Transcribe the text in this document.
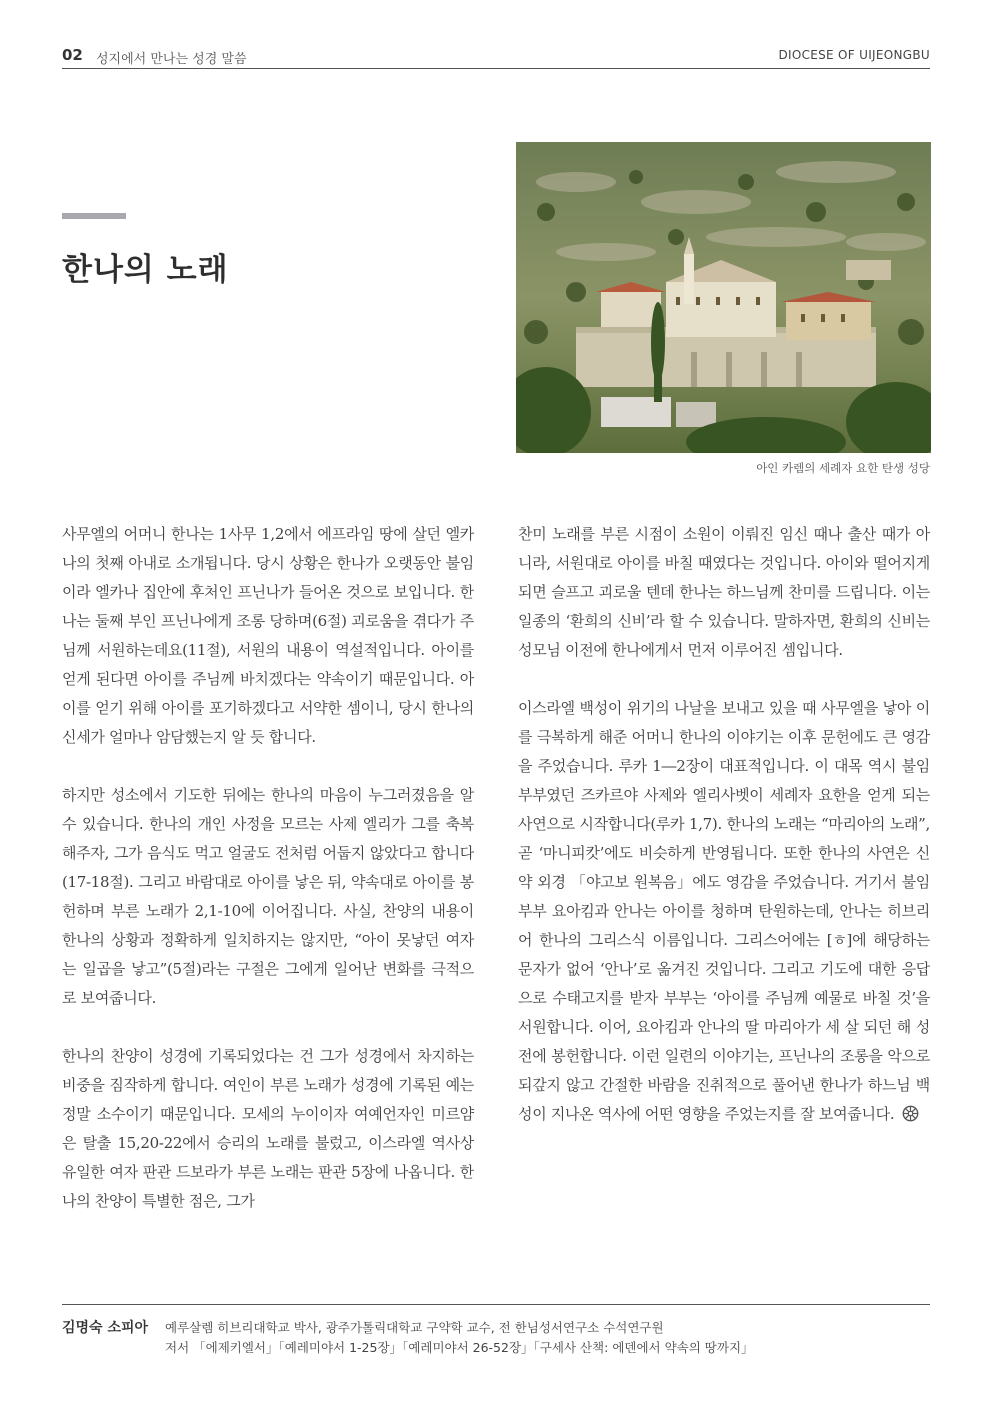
02 성지에서 만나는 성경 말씀	DIOCESE OF UIJEONGBU
한나의 노래
아인 카렘의 세례자 요한 탄생 성당

사무엘의 어머니 한나는 1사무 1,2에서 에프라임 땅에 살던 엘카나의 첫째 아내로 소개됩니다. 당시 상황은 한나가 오랫동안 불임이라 엘카나 집안에 후처인 프닌나가 들어온 것으로 보입니다. 한나는 둘째 부인 프닌나에게 조롱 당하며(6절) 괴로움을 겪다가 주님께 서원하는데요(11절), 서원의 내용이 역설적입니다. 아이를 얻게 된다면 아이를 주님께 바치겠다는 약속이기 때문입니다. 아이를 얻기 위해 아이를 포기하겠다고 서약한 셈이니, 당시 한나의 신세가 얼마나 암담했는지 알 듯 합니다.

하지만 성소에서 기도한 뒤에는 한나의 마음이 누그러졌음을 알 수 있습니다. 한나의 개인 사정을 모르는 사제 엘리가 그를 축복해주자, 그가 음식도 먹고 얼굴도 전처럼 어둡지 않았다고 합니다(17-18절). 그리고 바람대로 아이를 낳은 뒤, 약속대로 아이를 봉헌하며 부른 노래가 2,1-10에 이어집니다. 사실, 찬양의 내용이 한나의 상황과 정확하게 일치하지는 않지만, “아이 못낳던 여자는 일곱을 낳고”(5절)라는 구절은 그에게 일어난 변화를 극적으로 보여줍니다.

한나의 찬양이 성경에 기록되었다는 건 그가 성경에서 차지하는 비중을 짐작하게 합니다. 여인이 부른 노래가 성경에 기록된 예는 정말 소수이기 때문입니다. 모세의 누이이자 여예언자인 미르얌은 탈출 15,20-22에서 승리의 노래를 불렀고, 이스라엘 역사상 유일한 여자 판관 드보라가 부른 노래는 판관 5장에 나옵니다. 한나의 찬양이 특별한 점은, 그가

찬미 노래를 부른 시점이 소원이 이뤄진 임신 때나 출산 때가 아니라, 서원대로 아이를 바칠 때였다는 것입니다. 아이와 떨어지게 되면 슬프고 괴로울 텐데 한나는 하느님께 찬미를 드립니다. 이는 일종의 ‘환희의 신비’라 할 수 있습니다. 말하자면, 환희의 신비는 성모님 이전에 한나에게서 먼저 이루어진 셈입니다.

이스라엘 백성이 위기의 나날을 보내고 있을 때 사무엘을 낳아 이를 극복하게 해준 어머니 한나의 이야기는 이후 문헌에도 큰 영감을 주었습니다. 루카 1―2장이 대표적입니다. 이 대목 역시 불임 부부였던 즈카르야 사제와 엘리사벳이 세례자 요한을 얻게 되는 사연으로 시작합니다(루카 1,7). 한나의 노래는 “마리아의 노래”, 곧 ‘마니피캇’에도 비슷하게 반영됩니다. 또한 한나의 사연은 신약 외경 「야고보 원복음」에도 영감을 주었습니다. 거기서 불임 부부 요아킴과 안나는 아이를 청하며 탄원하는데, 안나는 히브리어 한나의 그리스식 이름입니다. 그리스어에는 [ㅎ]에 해당하는 문자가 없어 ‘안나’로 옮겨진 것입니다. 그리고 기도에 대한 응답으로 수태고지를 받자 부부는 ‘아이를 주님께 예물로 바칠 것’을 서원합니다. 이어, 요아킴과 안나의 딸 마리아가 세 살 되던 해 성전에 봉헌합니다. 이런 일련의 이야기는, 프닌나의 조롱을 악으로 되갚지 않고 간절한 바람을 진취적으로 풀어낸 한나가 하느님 백성이 지나온 역사에 어떤 영향을 주었는지를 잘 보여줍니다.

김명숙 소피아 예루살렘 히브리대학교 박사, 광주가톨릭대학교 구약학 교수, 전 한님성서연구소 수석연구원
저서 「에제키엘서」「예레미야서 1-25장」「예레미야서 26-52장」「구세사 산책: 에덴에서 약속의 땅까지」
